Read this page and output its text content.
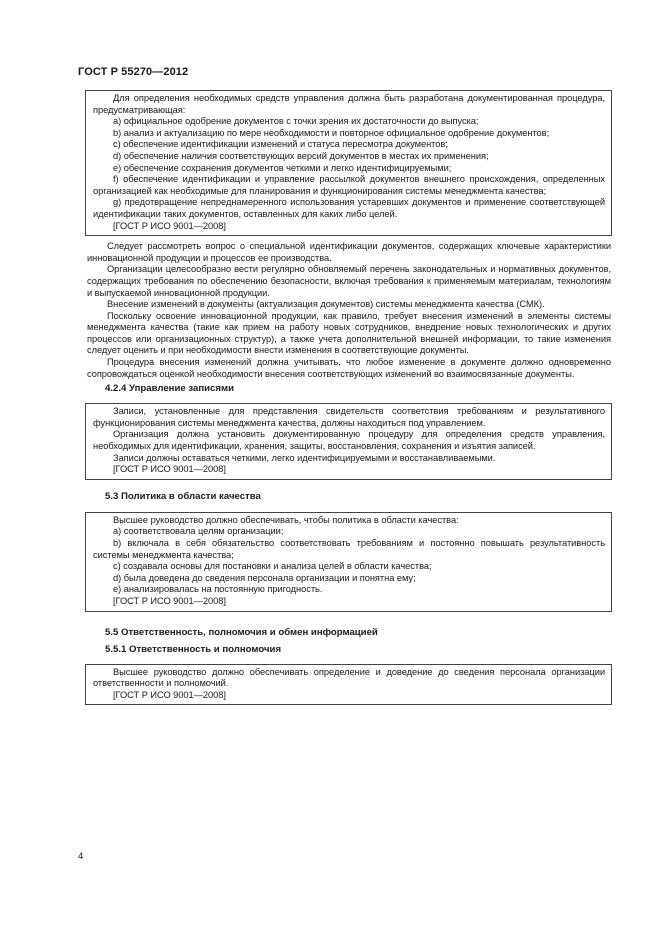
ГОСТ Р 55270—2012

Для определения необходимых средств управления должна быть разработана документированная процедура, предусматривающая:

а) официальное одобрение документов с точки зрения их достаточности до выпуска;

b) анализ и актуализацию по мере необходимости и повторное официальное одобрение документов;

с) обеспечение идентификации изменений и статуса пересмотра документов;

d) обеспечение наличия соответствующих версий документов в местах их применения;

е) обеспечение сохранения документов четкими и легко идентифицируемыми;

f) обеспечение идентификации и управление рассылкой документов внешнего происхождения, определенных организацией как необходимые для планирования и функционирования системы менеджмента качества;

g) предотвращение непреднамеренного использования устаревших документов и применение соответствующей идентификации таких документов, оставленных для каких либо целей.

[ГОСТ Р ИСО 9001—2008]

Следует рассмотреть вопрос о специальной идентификации документов, содержащих ключевые характеристики инновационной продукции и процессов ее производства.

Организации целесообразно вести регулярно обновляемый перечень законодательных и нормативных документов, содержащих требования по обеспечению безопасности, включая требования к применяемым материалам, технологиям и выпускаемой инновационной продукции.

Внесение изменений в документы (актуализация документов) системы менеджмента качества (СМК).

Поскольку освоение инновационной продукции, как правило, требует внесения изменений в элементы системы менеджмента качества (такие как прием на работу новых сотрудников, внедрение новых технологических и других процессов или организационных структур), а также учета дополнительной внешней информации, то такие изменения следует оценить и при необходимости внести изменения в соответствующие документы.

Процедура внесения изменений должна учитывать, что любое изменение в документе должно одновременно сопровождаться оценкой необходимости внесения соответствующих изменений во взаимосвязанные документы.

4.2.4 Управление записями

Записи, установленные для представления свидетельств соответствия требованиям и результативного функционирования системы менеджмента качества, должны находиться под управлением.

Организация должна установить документированную процедуру для определения средств управления, необходимых для идентификации, хранения, защиты, восстановления, сохранения и изъятия записей.

Записи должны оставаться четкими, легко идентифицируемыми и восстанавливаемыми.

[ГОСТ Р ИСО 9001—2008]

5.3 Политика в области качества

Высшее руководство должно обеспечивать, чтобы политика в области качества:

а) соответствовала целям организации;

b) включала в себя обязательство соответствовать требованиям и постоянно повышать результативность системы менеджмента качества;

с) создавала основы для постановки и анализа целей в области качества;

d) была доведена до сведения персонала организации и понятна ему;

е) анализировалась на постоянную пригодность.

[ГОСТ Р ИСО 9001—2008]

5.5 Ответственность, полномочия и обмен информацией
5.5.1 Ответственность и полномочия

Высшее руководство должно обеспечивать определение и доведение до сведения персонала организации ответственности и полномочий.

[ГОСТ Р ИСО 9001—2008]

4
